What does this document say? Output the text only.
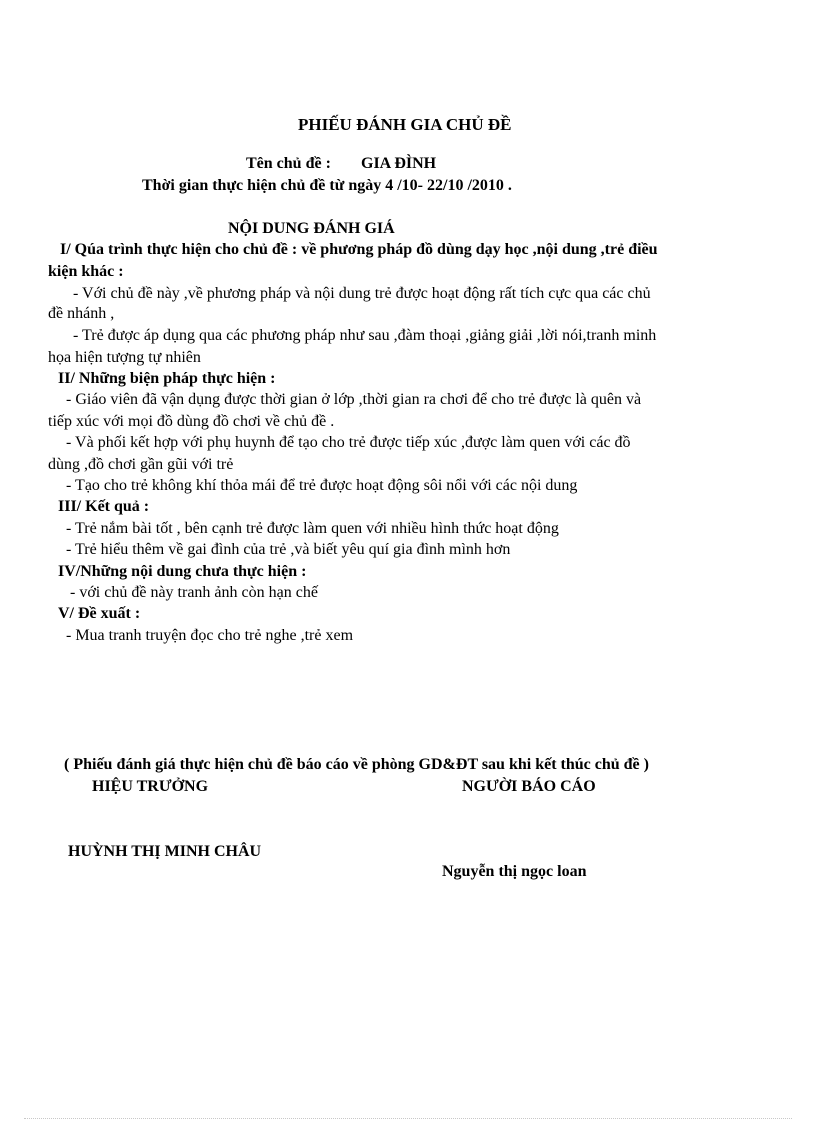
PHIẾU ĐÁNH GIA CHỦ ĐỀ
Tên chủ đề : GIA ĐÌNH
Thời gian thực hiện chủ đề từ ngày 4 /10- 22/10 /2010 .
NỘI DUNG ĐÁNH GIÁ
I/ Qúa trình thực hiện cho chủ đề : về phương pháp đồ dùng dạy học ,nội dung ,trẻ điều
kiện khác :
- Với chủ đề này ,về phương pháp và nội dung trẻ được hoạt động rất tích cực qua các chủ
đề nhánh ,
- Trẻ được áp dụng qua các phương pháp như sau ,đàm thoại ,giảng giải ,lời nói,tranh minh
họa hiện tượng tự nhiên
II/ Những biện pháp thực hiện :
- Giáo viên đã vận dụng được thời gian ở lớp ,thời gian ra chơi để cho trẻ được là quên và
tiếp xúc với mọi đồ dùng đồ chơi về chủ đề .
- Và phối kết hợp với phụ huynh để tạo cho trẻ được tiếp xúc ,được làm quen với các đồ
dùng ,đồ chơi gần gũi với trẻ
- Tạo cho trẻ không khí thỏa mái để trẻ được hoạt động sôi nổi với các nội dung
III/ Kết quả :
- Trẻ nắm bài tốt , bên cạnh trẻ được làm quen với nhiều hình thức hoạt động
- Trẻ hiểu thêm về gai đình của trẻ ,và biết yêu quí gia đình mình hơn
IV/Những nội dung chưa thực hiện :
- với chủ đề này tranh ảnh còn hạn chế
V/ Đề xuất :
- Mua tranh truyện đọc cho trẻ nghe ,trẻ xem
( Phiếu đánh giá thực hiện chủ đề báo cáo về phòng GD&ĐT sau khi kết thúc chủ đề )
HIỆU TRƯỞNG	NGƯỜI BÁO CÁO
HUỲNH THỊ MINH CHÂU
Nguyễn thị ngọc loan
